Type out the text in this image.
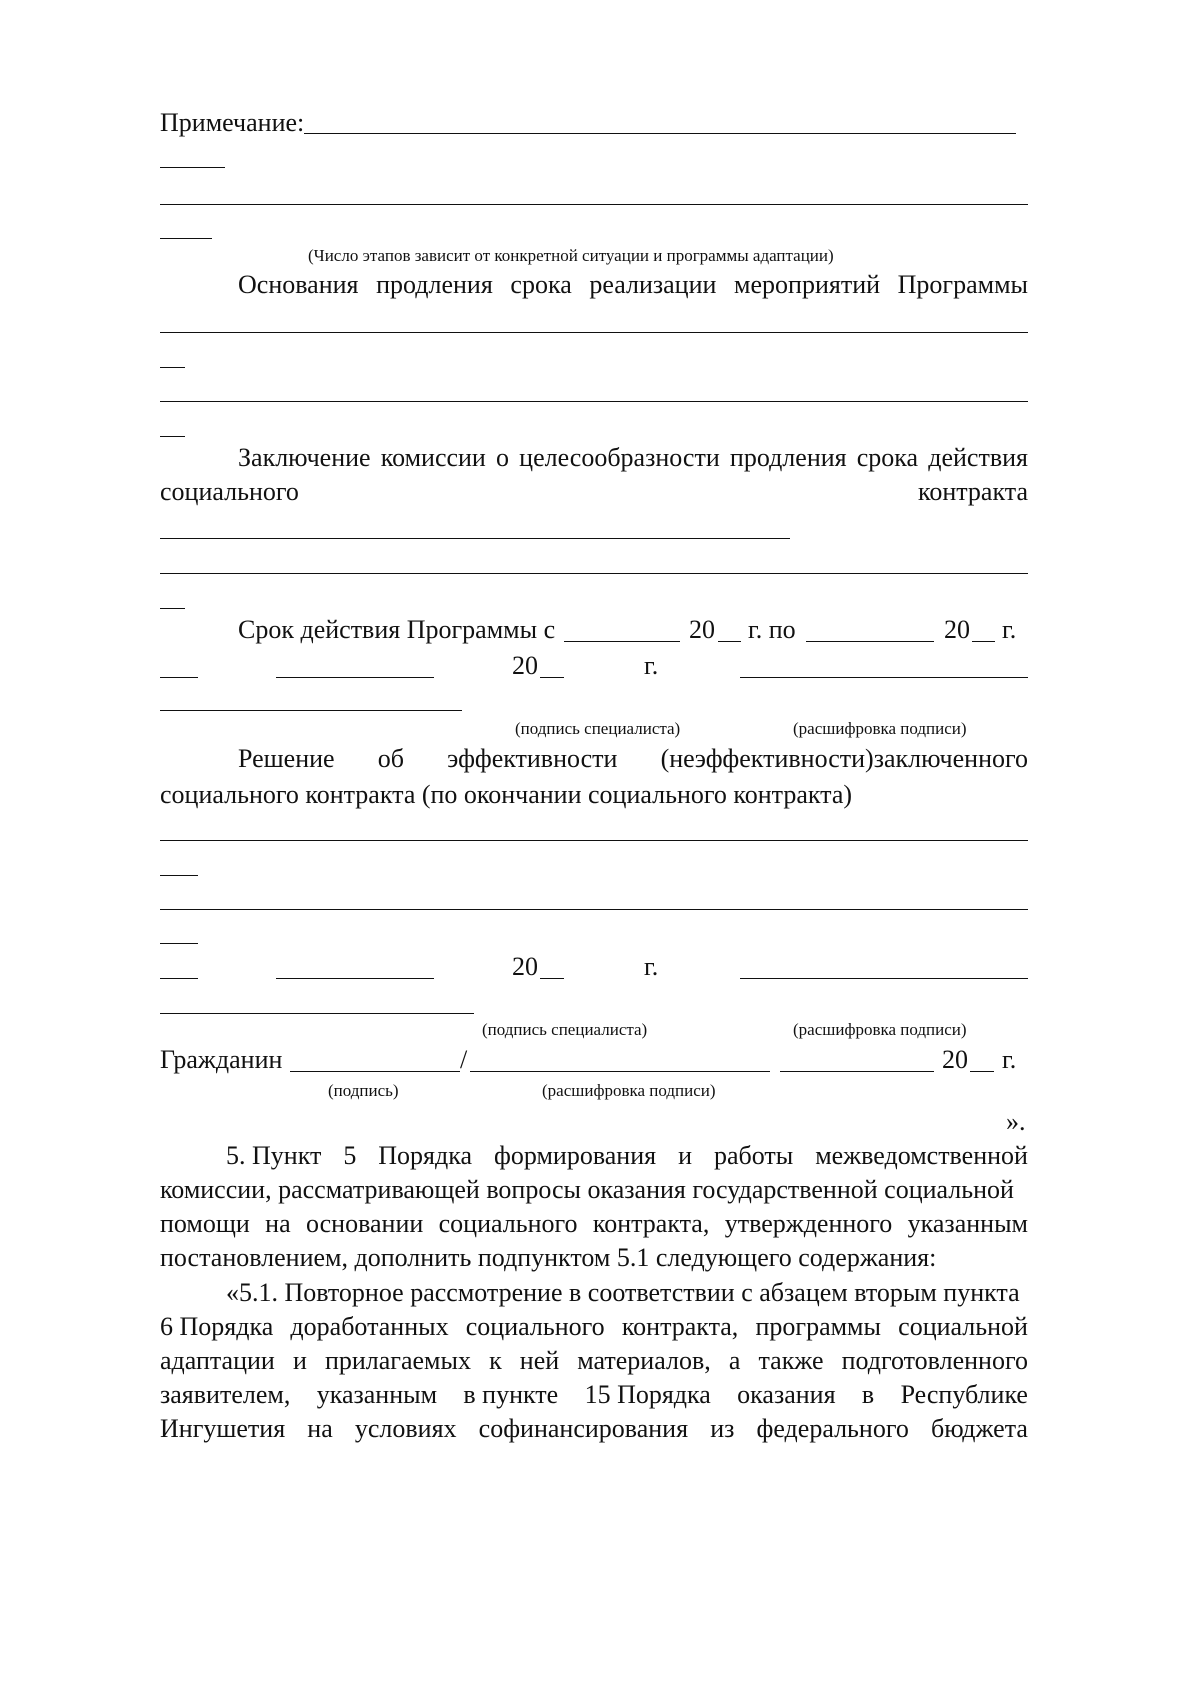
Примечание:
(Число этапов зависит от конкретной ситуации и программы адаптации)
Основания продления срока реализации мероприятий Программы
Заключение комиссии о целесообразности продления срока действия
социального	контракта
Срок действия Программы с	20 г. по	20 г.
20	г.
(подпись специалиста)	(расшифровка подписи)
Решение об эффективности (неэффективности)заключенного
социального контракта (по окончании социального контракта)
20	г.
(подпись специалиста)	(расшифровка подписи)
Гражданин	/	20 г.
(подпись)	(расшифровка подписи)
».
5. Пункт 5 Порядка формирования и работы межведомственной
комиссии, рассматривающей вопросы оказания государственной социальной
помощи на основании социального контракта, утвержденного указанным
постановлением, дополнить подпунктом 5.1 следующего содержания:
«5.1. Повторное рассмотрение в соответствии с абзацем вторым пункта
6 Порядка доработанных социального контракта, программы социальной
адаптации и прилагаемых к ней материалов, а также подготовленного
заявителем, указанным в пункте 15 Порядка оказания в Республике
Ингушетия на условиях софинансирования из федерального бюджета
